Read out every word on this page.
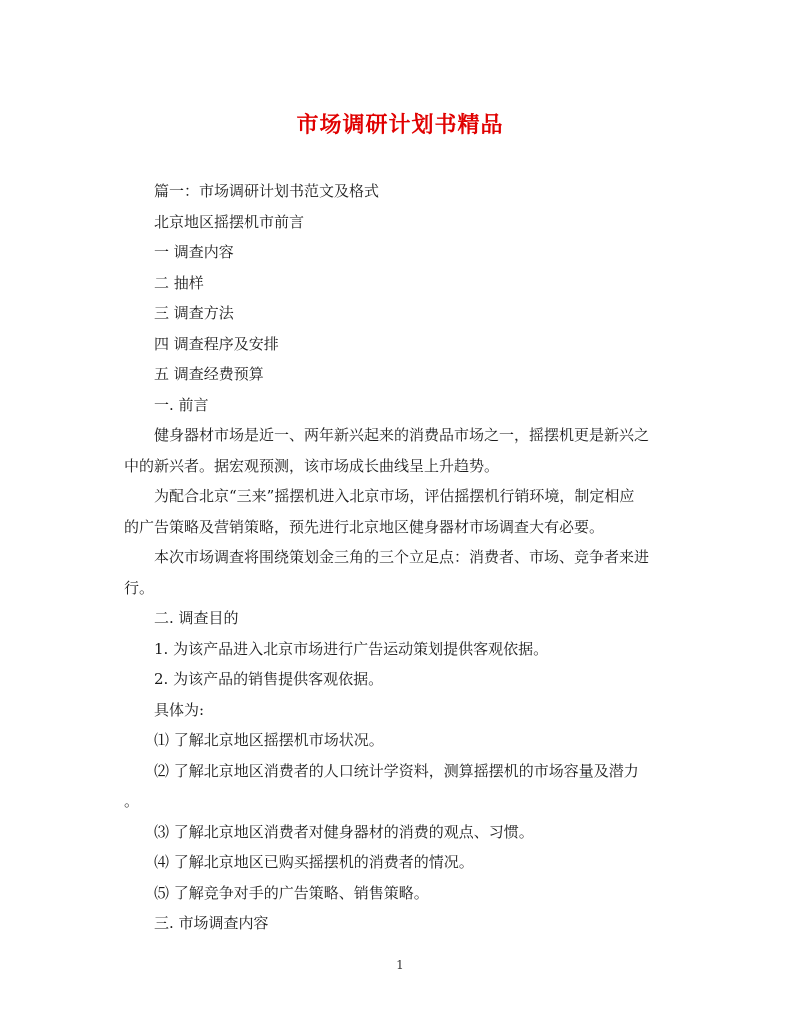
市场调研计划书精品

篇一：市场调研计划书范文及格式

北京地区摇摆机市前言

一 调查内容

二 抽样

三 调查方法

四 调查程序及安排

五 调查经费预算

一. 前言

健身器材市场是近一、两年新兴起来的消费品市场之一，摇摆机更是新兴之
中的新兴者。据宏观预测，该市场成长曲线呈上升趋势。

为配合北京“三来”摇摆机进入北京市场，评估摇摆机行销环境，制定相应
的广告策略及营销策略，预先进行北京地区健身器材市场调查大有必要。

本次市场调查将围绕策划金三角的三个立足点：消费者、市场、竞争者来进
行。

二. 调查目的

1. 为该产品进入北京市场进行广告运动策划提供客观依据。

2. 为该产品的销售提供客观依据。

具体为:

⑴ 了解北京地区摇摆机市场状况。

⑵ 了解北京地区消费者的人口统计学资料，测算摇摆机的市场容量及潜力
。

⑶ 了解北京地区消费者对健身器材的消费的观点、习惯。

⑷ 了解北京地区已购买摇摆机的消费者的情况。

⑸ 了解竞争对手的广告策略、销售策略。

三. 市场调查内容

1
